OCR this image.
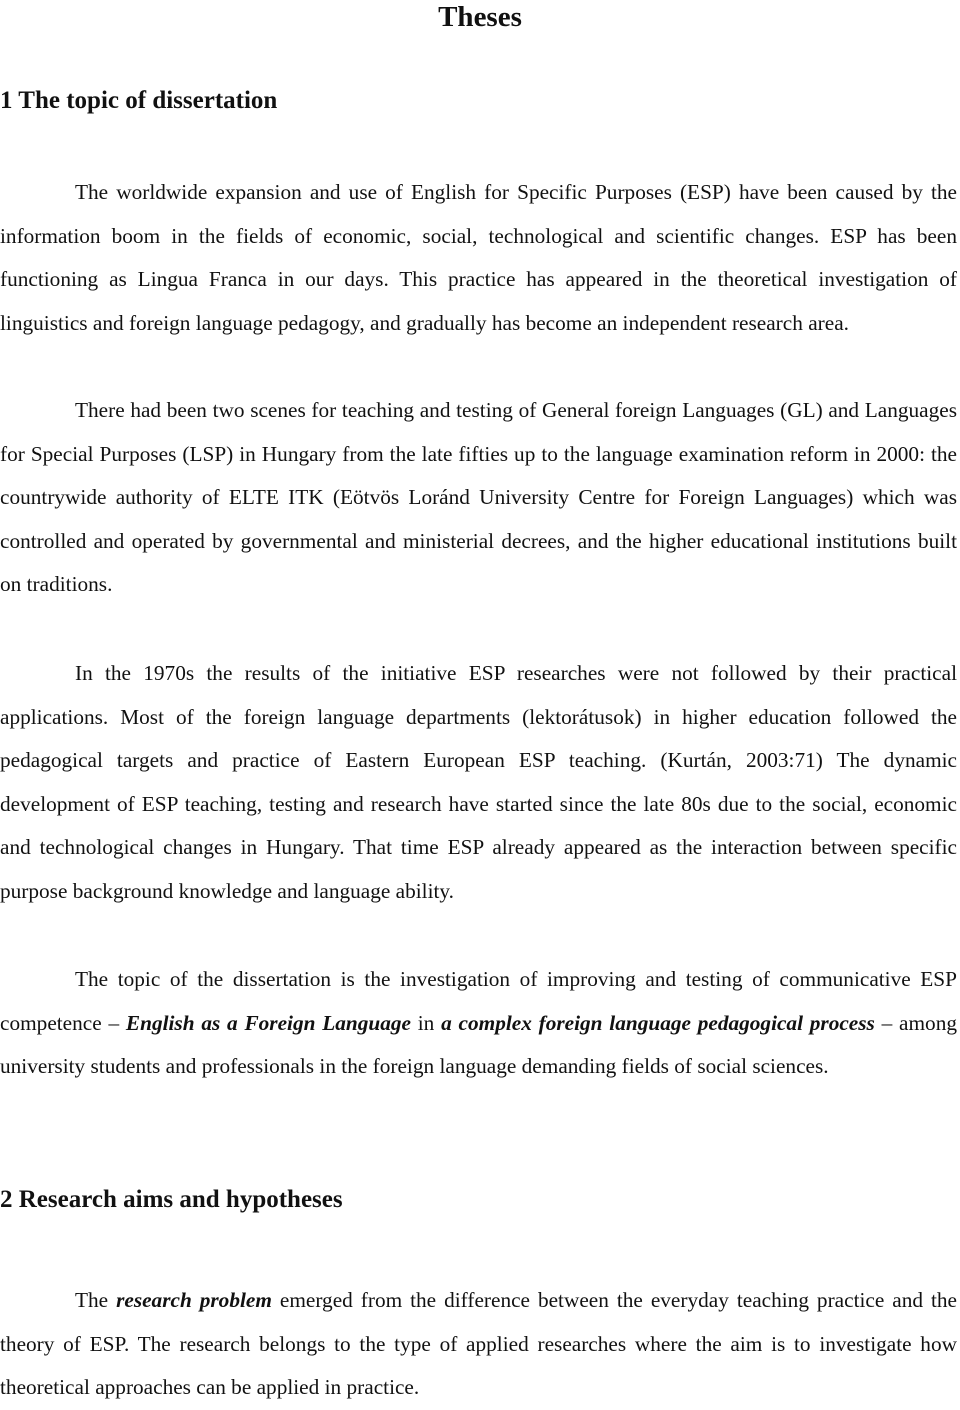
Theses
1 The topic of dissertation

The worldwide expansion and use of English for Specific Purposes (ESP) have been caused by the information boom in the fields of economic, social, technological and scientific changes. ESP has been functioning as Lingua Franca in our days. This practice has appeared in the theoretical investigation of linguistics and foreign language pedagogy, and gradually has become an independent research area.

There had been two scenes for teaching and testing of General foreign Languages (GL) and Languages for Special Purposes (LSP) in Hungary from the late fifties up to the language examination reform in 2000: the countrywide authority of ELTE ITK (Eötvös Loránd University Centre for Foreign Languages) which was controlled and operated by governmental and ministerial decrees, and the higher educational institutions built on traditions.

In the 1970s the results of the initiative ESP researches were not followed by their practical applications. Most of the foreign language departments (lektorátusok) in higher education followed the pedagogical targets and practice of Eastern European ESP teaching. (Kurtán, 2003:71) The dynamic development of ESP teaching, testing and research have started since the late 80s due to the social, economic and technological changes in Hungary. That time ESP already appeared as the interaction between specific purpose background knowledge and language ability.

The topic of the dissertation is the investigation of improving and testing of communicative ESP competence – English as a Foreign Language in a complex foreign language pedagogical process – among university students and professionals in the foreign language demanding fields of social sciences.

2 Research aims and hypotheses

The research problem emerged from the difference between the everyday teaching practice and the theory of ESP. The research belongs to the type of applied researches where the aim is to investigate how theoretical approaches can be applied in practice.
